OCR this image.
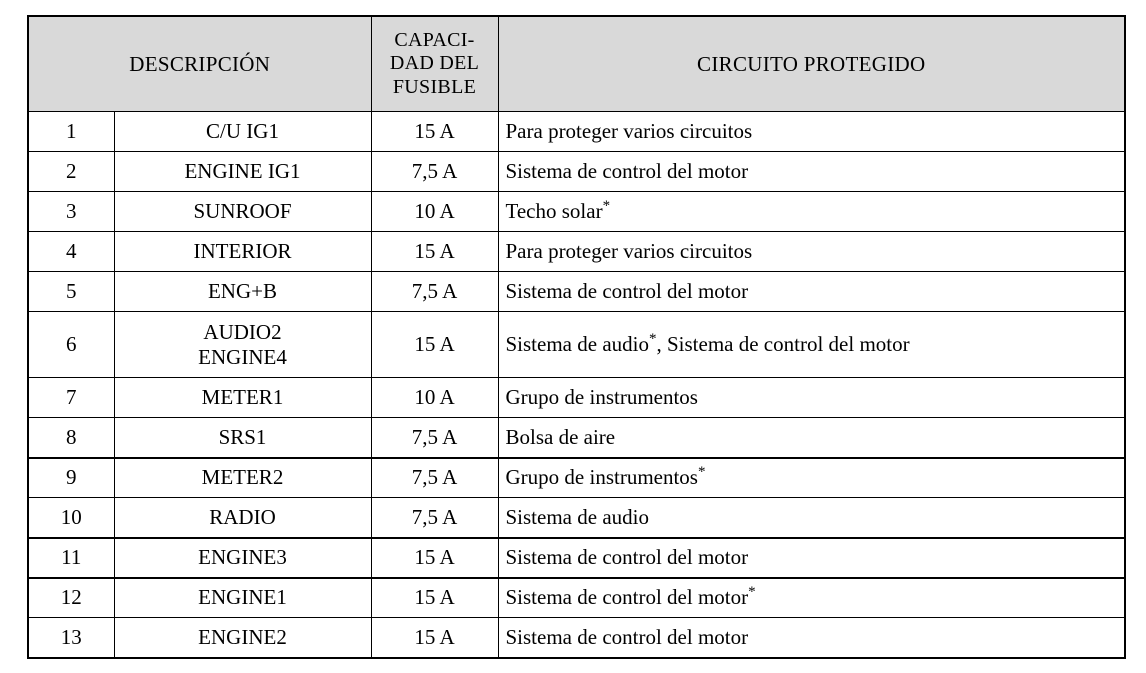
DESCRIPCIÓN		CAPACI-
DAD DEL
FUSIBLE	CIRCUITO PROTEGIDO
1	C/U IG1	15 A	Para proteger varios circuitos
2	ENGINE IG1	7,5 A	Sistema de control del motor
3	SUNROOF	10 A	Techo solar*
4	INTERIOR	15 A	Para proteger varios circuitos
5	ENG+B	7,5 A	Sistema de control del motor
6	AUDIO2
ENGINE4	15 A	Sistema de audio*, Sistema de control del motor
7	METER1	10 A	Grupo de instrumentos
8	SRS1	7,5 A	Bolsa de aire
9	METER2	7,5 A	Grupo de instrumentos*
10	RADIO	7,5 A	Sistema de audio
11	ENGINE3	15 A	Sistema de control del motor
12	ENGINE1	15 A	Sistema de control del motor*
13	ENGINE2	15 A	Sistema de control del motor
